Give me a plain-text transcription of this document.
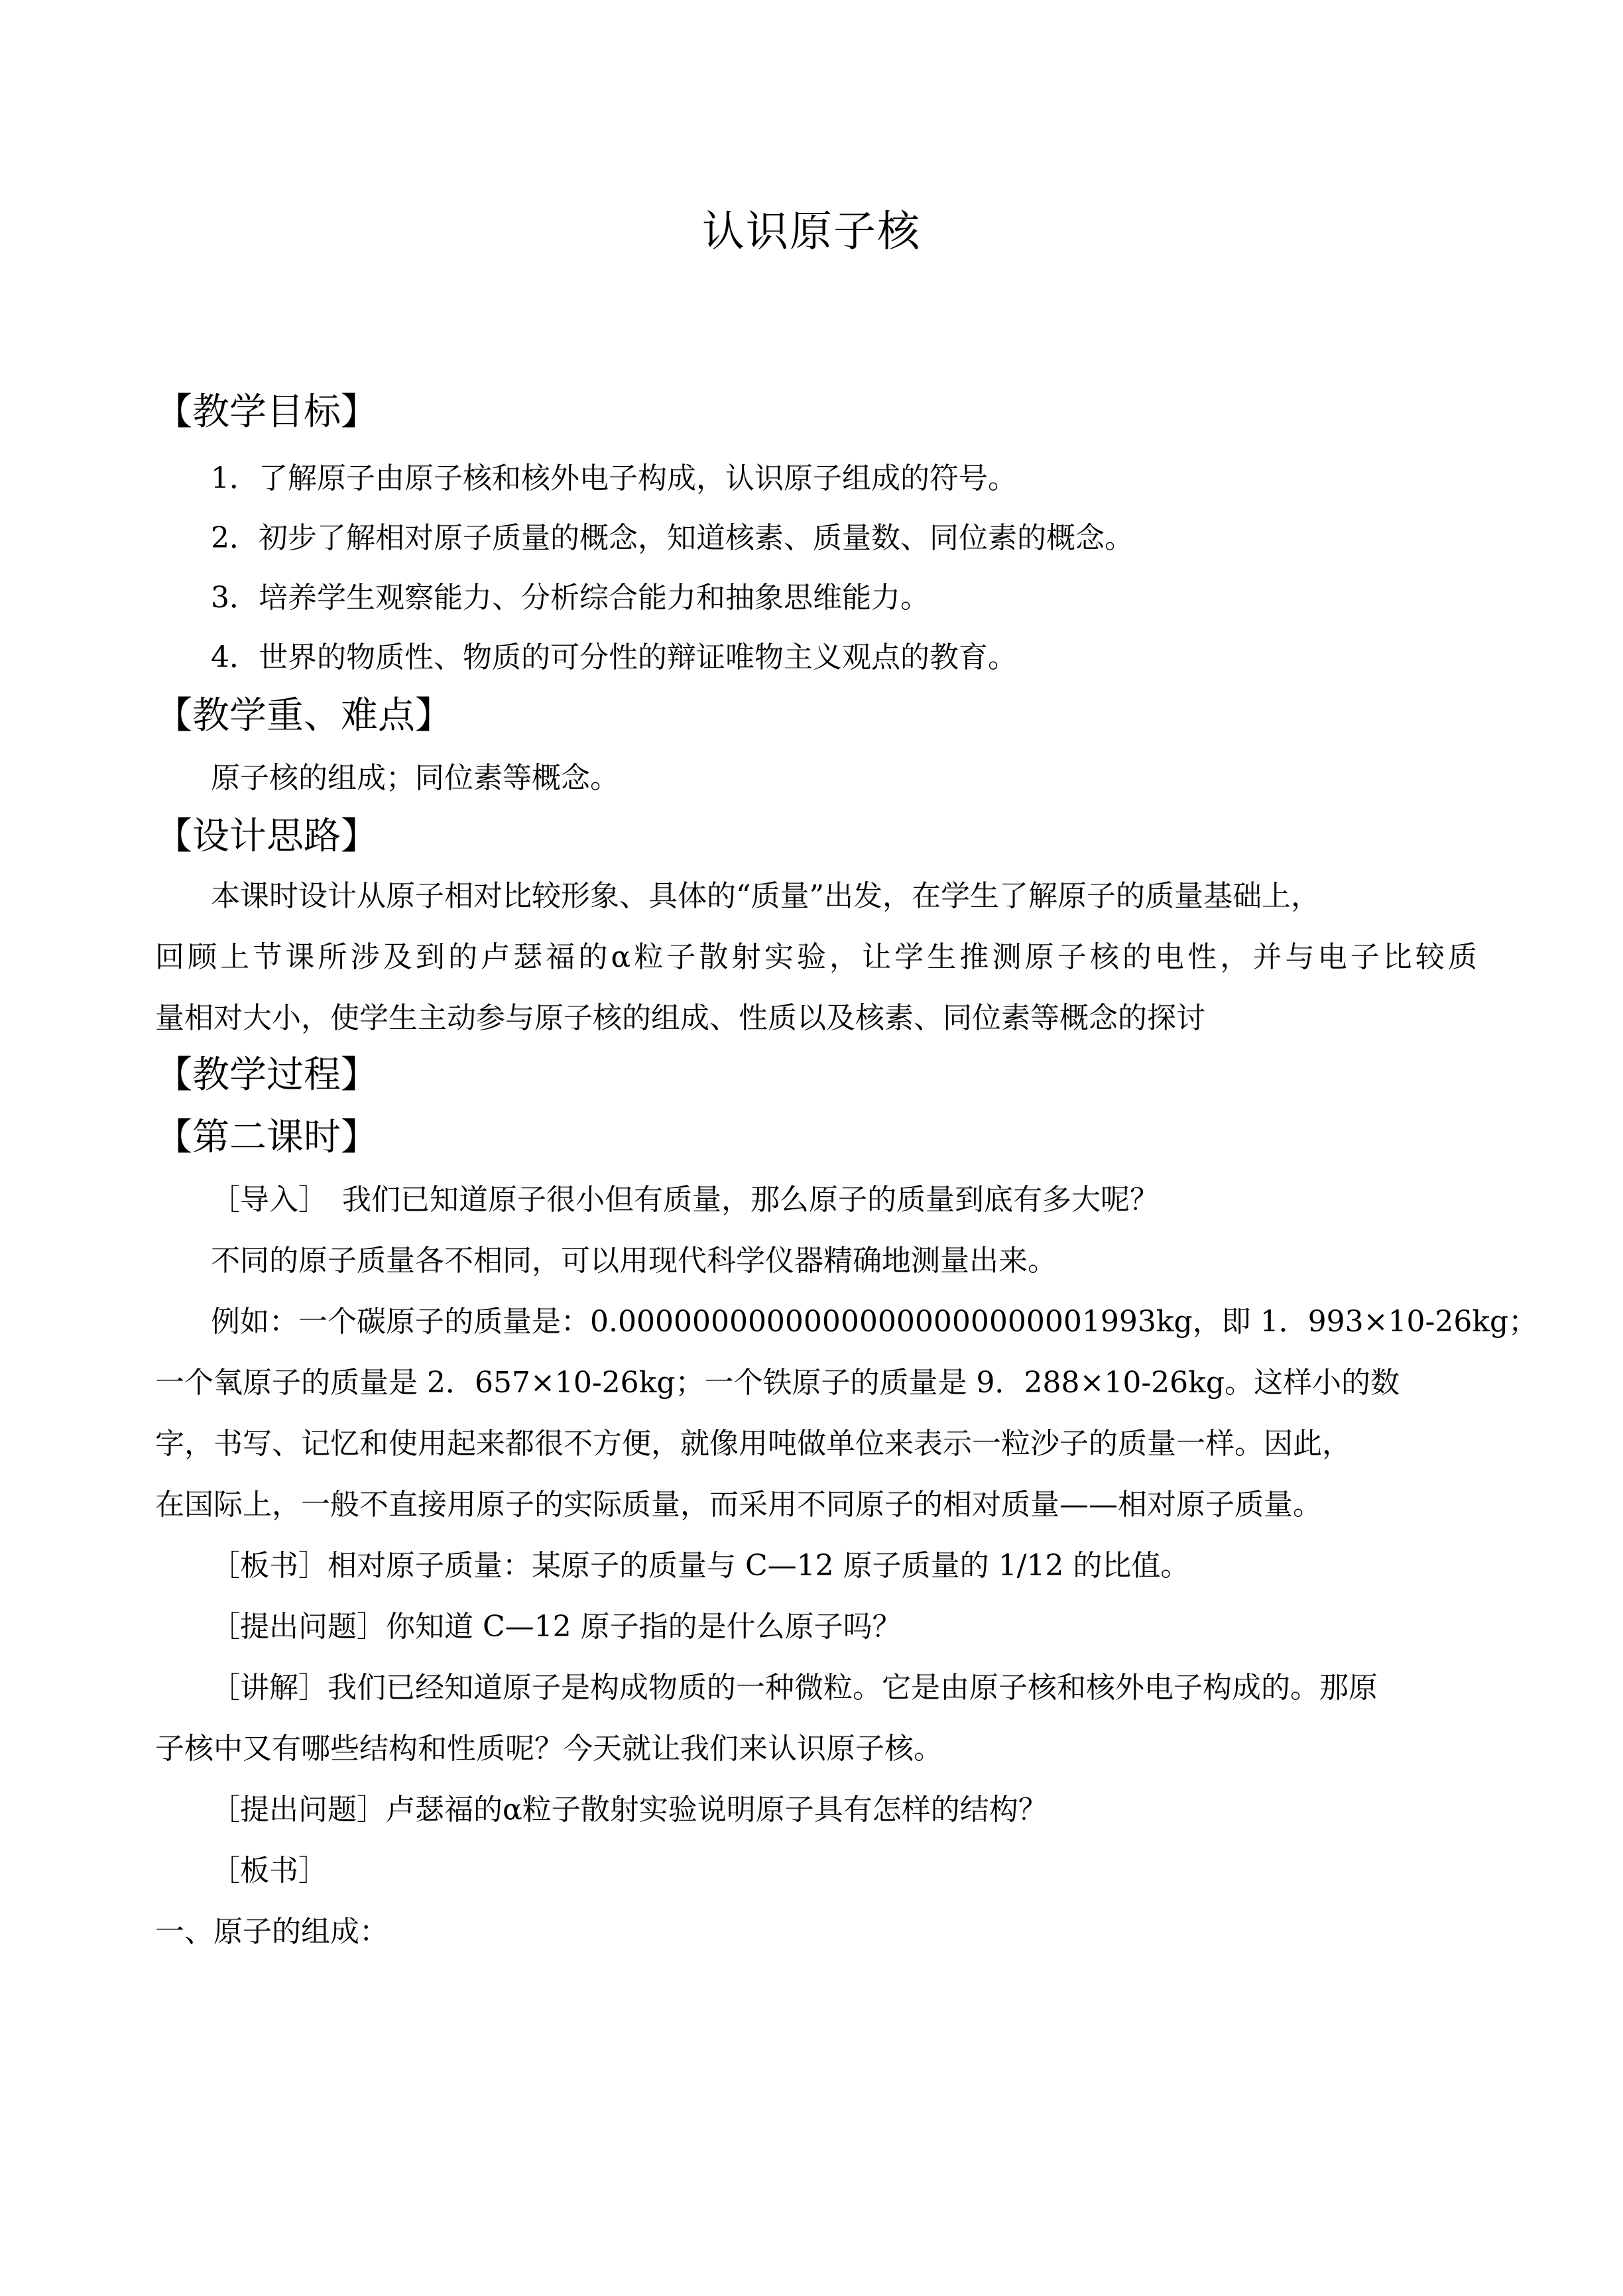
认识原子核
【教学目标】
1．了解原子由原子核和核外电子构成，认识原子组成的符号。
2．初步了解相对原子质量的概念，知道核素、质量数、同位素的概念。
3．培养学生观察能力、分析综合能力和抽象思维能力。
4．世界的物质性、物质的可分性的辩证唯物主义观点的教育。
【教学重、难点】
原子核的组成；同位素等概念。
【设计思路】
本课时设计从原子相对比较形象、具体的“质量”出发，在学生了解原子的质量基础上，
回顾上节课所涉及到的卢瑟福的α粒子散射实验，让学生推测原子核的电性，并与电子比较质
量相对大小，使学生主动参与原子核的组成、性质以及核素、同位素等概念的探讨
【教学过程】
【第二课时】
［导入］　我们已知道原子很小但有质量，那么原子的质量到底有多大呢？
不同的原子质量各不相同，可以用现代科学仪器精确地测量出来。
例如：一个碳原子的质量是：0.00000000000000000000000001993kg，即 1．993×10-26kg；
一个氧原子的质量是 2．657×10-26kg；一个铁原子的质量是 9．288×10-26kg。这样小的数
字，书写、记忆和使用起来都很不方便，就像用吨做单位来表示一粒沙子的质量一样。因此，
在国际上，一般不直接用原子的实际质量，而采用不同原子的相对质量——相对原子质量。
［板书］相对原子质量：某原子的质量与 C—12 原子质量的 1/12 的比值。
［提出问题］你知道 C—12 原子指的是什么原子吗？
［讲解］我们已经知道原子是构成物质的一种微粒。它是由原子核和核外电子构成的。那原
子核中又有哪些结构和性质呢？今天就让我们来认识原子核。
［提出问题］卢瑟福的α粒子散射实验说明原子具有怎样的结构？
［板书］
一、原子的组成：
